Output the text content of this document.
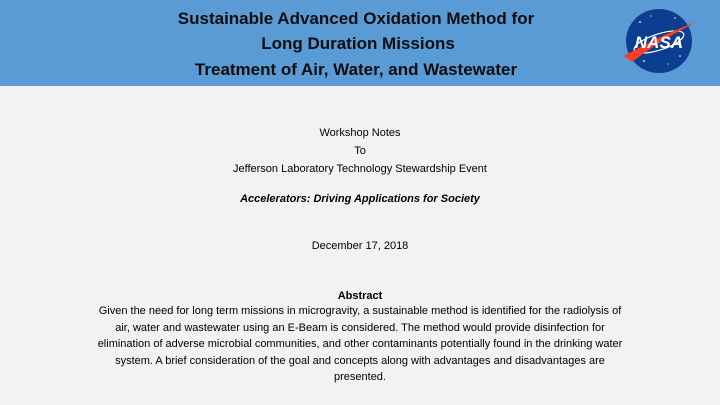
Sustainable Advanced Oxidation Method for
Long Duration Missions
Treatment of Air, Water, and Wastewater
NASA
Workshop Notes
To
Jefferson Laboratory Technology Stewardship Event
Accelerators: Driving Applications for Society
December 17, 2018
Abstract
Given the need for long term missions in microgravity, a sustainable method is identified for the radiolysis of air, water and wastewater using an E-Beam is considered. The method would provide disinfection for elimination of adverse microbial communities, and other contaminants potentially found in the drinking water system. A brief consideration of the goal and concepts along with advantages and disadvantages are presented.
